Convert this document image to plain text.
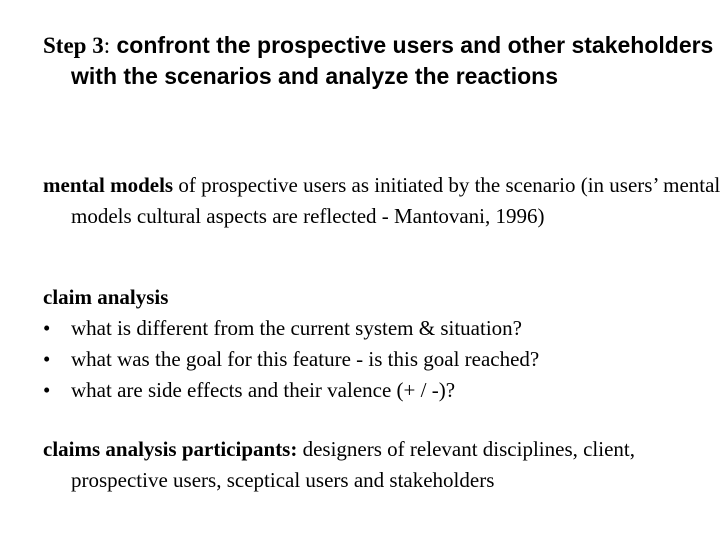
Step 3: confront the prospective users and other stakeholders with the scenarios and analyze the reactions
mental models of prospective users as initiated by the scenario (in users’ mental models cultural aspects are reflected - Mantovani, 1996)
claim analysis
• what is different from the current system & situation?
• what was the goal for this feature - is this goal reached?
• what are side effects and their valence (+ / -)?
claims analysis participants: designers of relevant disciplines, client, prospective users, sceptical users and stakeholders
